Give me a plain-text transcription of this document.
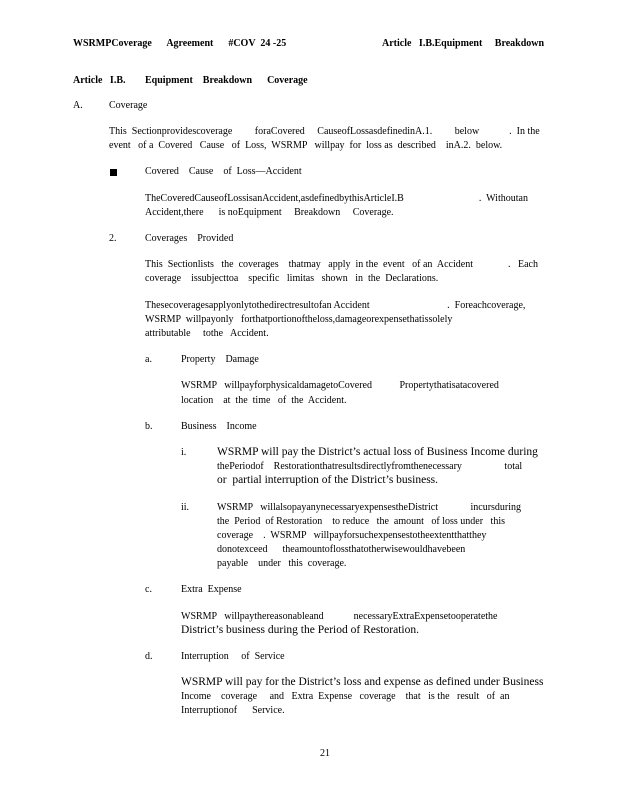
WSRMPCoverage      Agreement      #COV  24 -25	Article   I.B.Equipment     Breakdown
Article   I.B. Equipment    Breakdown      Coverage
A.	Coverage
This  Sectionprovidescoverage         foraCovered     CauseofLossasdefinedinA.1.         below            .  In the
event   of a  Covered   Cause   of  Loss,  WSRMP   willpay  for  loss as  described    inA.2.  below.
Covered    Cause    of  Loss—Accident
TheCoveredCauseofLossisanAccident,asdefinedbythisArticleI.B                              .  Withoutan
Accident,there      is noEquipment     Breakdown     Coverage.
2.	Coverages    Provided
This  Sectionlists   the  coverages    thatmay   apply  in the  event   of an  Accident              .   Each
coverage    issubjecttoa    specific   limitas   shown   in  the  Declarations.
Thesecoveragesapplyonlytothedirectresultofan Accident                               .  Foreachcoverage,
WSRMP  willpayonly   forthatportionoftheloss,damageorexpensethatissolely
attributable     tothe   Accident.
a.	Property    Damage
WSRMP   willpayforphysicaldamagetoCovered           Propertythatisatacovered
location    at  the  time   of  the  Accident.
b.	Business    Income
i.	WSRMP will pay the District’s actual loss of Business Income during
thePeriodof    Restorationthatresultsdirectlyfromthenecessary                 total
or  partial interruption of the District’s business.
ii.	WSRMP   willalsopayanynecessaryexpensestheDistrict             incursduring
the  Period  of Restoration    to reduce   the  amount   of loss under   this
coverage    .  WSRMP   willpayforsuchexpensestotheextentthatthey
donotexceed      theamountoflossthatotherwisewouldhavebeen
payable    under   this  coverage.
c.	Extra  Expense
WSRMP   willpaythereasonableand            necessaryExtraExpensetooperatethe
District’s business during the Period of Restoration.
d.	Interruption     of  Service
WSRMP will pay for the District’s loss and expense as defined under Business
Income    coverage     and   Extra  Expense   coverage    that   is the   result   of  an
Interruptionof      Service.
21
